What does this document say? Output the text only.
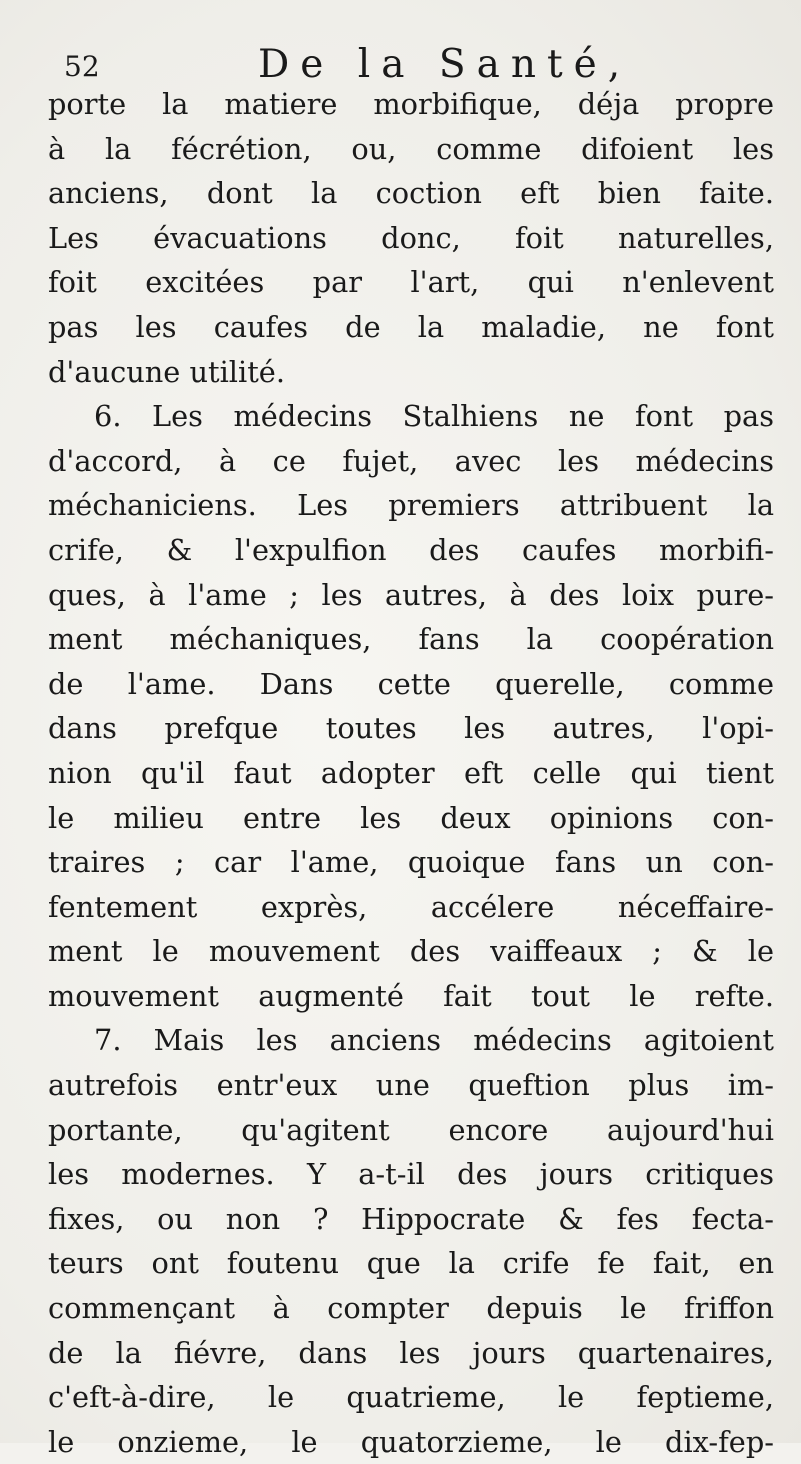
52	De la Santé,
porte la matiere morbifique, déja propre
à la fécrétion, ou, comme difoient les
anciens, dont la coction eft bien faite.
Les évacuations donc, foit naturelles,
foit excitées par l'art, qui n'enlevent
pas les caufes de la maladie, ne font
d'aucune utilité.
6. Les médecins Stalhiens ne font pas
d'accord, à ce fujet, avec les médecins
méchaniciens. Les premiers attribuent la
crife, & l'expulfion des caufes morbifi-
ques, à l'ame ; les autres, à des loix pure-
ment méchaniques, fans la coopération
de l'ame. Dans cette querelle, comme
dans prefque toutes les autres, l'opi-
nion qu'il faut adopter eft celle qui tient
le milieu entre les deux opinions con-
traires ; car l'ame, quoique fans un con-
fentement exprès, accélere néceffaire-
ment le mouvement des vaiffeaux ; & le
mouvement augmenté fait tout le refte.
7. Mais les anciens médecins agitoient
autrefois entr'eux une queftion plus im-
portante, qu'agitent encore aujourd'hui
les modernes. Y a-t-il des jours critiques
fixes, ou non ? Hippocrate & fes fecta-
teurs ont foutenu que la crife fe fait, en
commençant à compter depuis le friffon
de la fiévre, dans les jours quartenaires,
c'eft-à-dire, le quatrieme, le feptieme,
le onzieme, le quatorzieme, le dix-fep-
